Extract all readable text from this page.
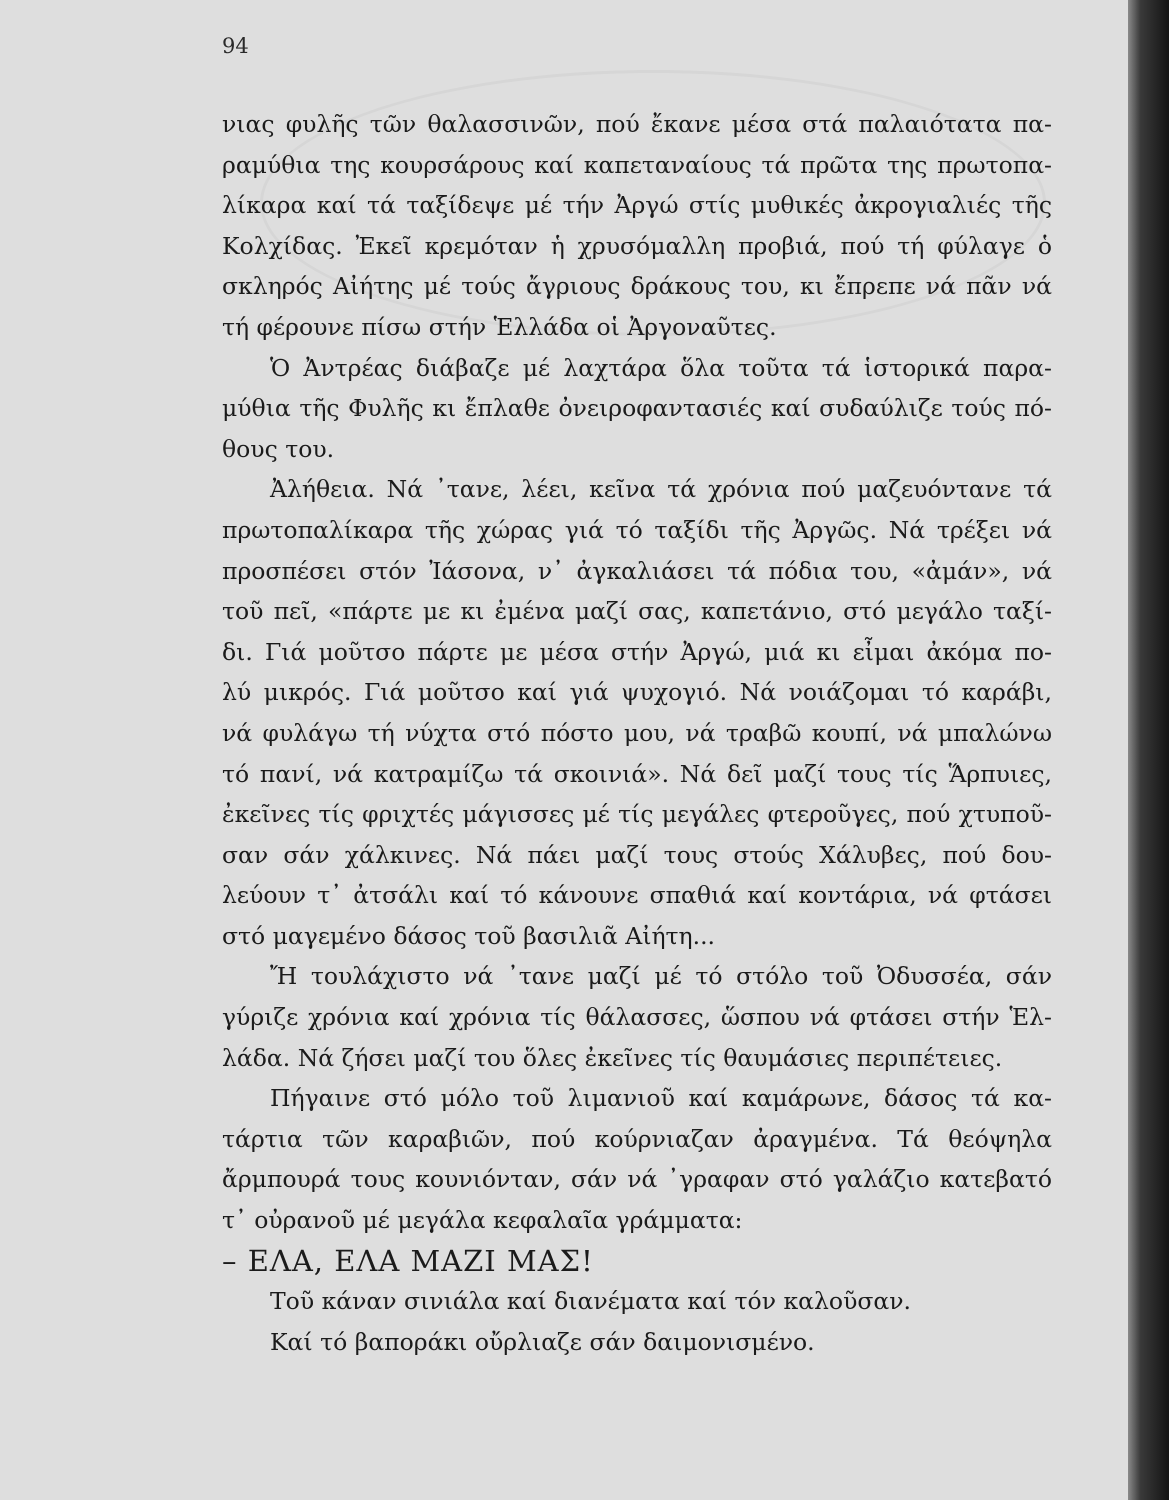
94
νιας φυλῆς τῶν θαλασσινῶν, πού ἔκανε μέσα στά παλαιότατα πα-
ραμύθια της κουρσάρους καί καπεταναίους τά πρῶτα της πρωτοπα-
λίκαρα καί τά ταξίδεψε μέ τήν Ἀργώ στίς μυθικές ἀκρογιαλιές τῆς
Κολχίδας. Ἐκεῖ κρεμόταν ἡ χρυσόμαλλη προβιά, πού τή φύλαγε ὁ
σκληρός Αἰήτης μέ τούς ἄγριους δράκους του, κι ἔπρεπε νά πᾶν νά
τή φέρουνε πίσω στήν Ἑλλάδα οἱ Ἀργοναῦτες.
Ὁ Ἀντρέας διάβαζε μέ λαχτάρα ὅλα τοῦτα τά ἱστορικά παρα-
μύθια τῆς Φυλῆς κι ἔπλαθε ὀνειροφαντασιές καί συδαύλιζε τούς πό-
θους του.
Ἀλήθεια. Νά ᾽τανε, λέει, κεῖνα τά χρόνια πού μαζευόντανε τά
πρωτοπαλίκαρα τῆς χώρας γιά τό ταξίδι τῆς Ἀργῶς. Νά τρέξει νά
προσπέσει στόν Ἰάσονα, ν᾽ ἀγκαλιάσει τά πόδια του, «ἀμάν», νά
τοῦ πεῖ, «πάρτε με κι ἐμένα μαζί σας, καπετάνιο, στό μεγάλο ταξί-
δι. Γιά μοῦτσο πάρτε με μέσα στήν Ἀργώ, μιά κι εἶμαι ἀκόμα πο-
λύ μικρός. Γιά μοῦτσο καί γιά ψυχογιό. Νά νοιάζομαι τό καράβι,
νά φυλάγω τή νύχτα στό πόστο μου, νά τραβῶ κουπί, νά μπαλώνω
τό πανί, νά κατραμίζω τά σκοινιά». Νά δεῖ μαζί τους τίς Ἅρπυιες,
ἐκεῖνες τίς φριχτές μάγισσες μέ τίς μεγάλες φτεροῦγες, πού χτυποῦ-
σαν σάν χάλκινες. Νά πάει μαζί τους στούς Χάλυβες, πού δου-
λεύουν τ᾽ ἀτσάλι καί τό κάνουνε σπαθιά καί κοντάρια, νά φτάσει
στό μαγεμένο δάσος τοῦ βασιλιᾶ Αἰήτη...
Ἤ τουλάχιστο νά ᾽τανε μαζί μέ τό στόλο τοῦ Ὀδυσσέα, σάν
γύριζε χρόνια καί χρόνια τίς θάλασσες, ὥσπου νά φτάσει στήν Ἑλ-
λάδα. Νά ζήσει μαζί του ὅλες ἐκεῖνες τίς θαυμάσιες περιπέτειες.
Πήγαινε στό μόλο τοῦ λιμανιοῦ καί καμάρωνε, δάσος τά κα-
τάρτια τῶν καραβιῶν, πού κούρνιαζαν ἀραγμένα. Τά θεόψηλα
ἄρμπουρά τους κουνιόνταν, σάν νά ᾽γραφαν στό γαλάζιο κατεβατό
τ᾽ οὐρανοῦ μέ μεγάλα κεφαλαῖα γράμματα:
– ΕΛΑ, ΕΛΑ ΜΑΖΙ ΜΑΣ!
Τοῦ κάναν σινιάλα καί διανέματα καί τόν καλοῦσαν.
Καί τό βαποράκι οὔρλιαζε σάν δαιμονισμένο.
